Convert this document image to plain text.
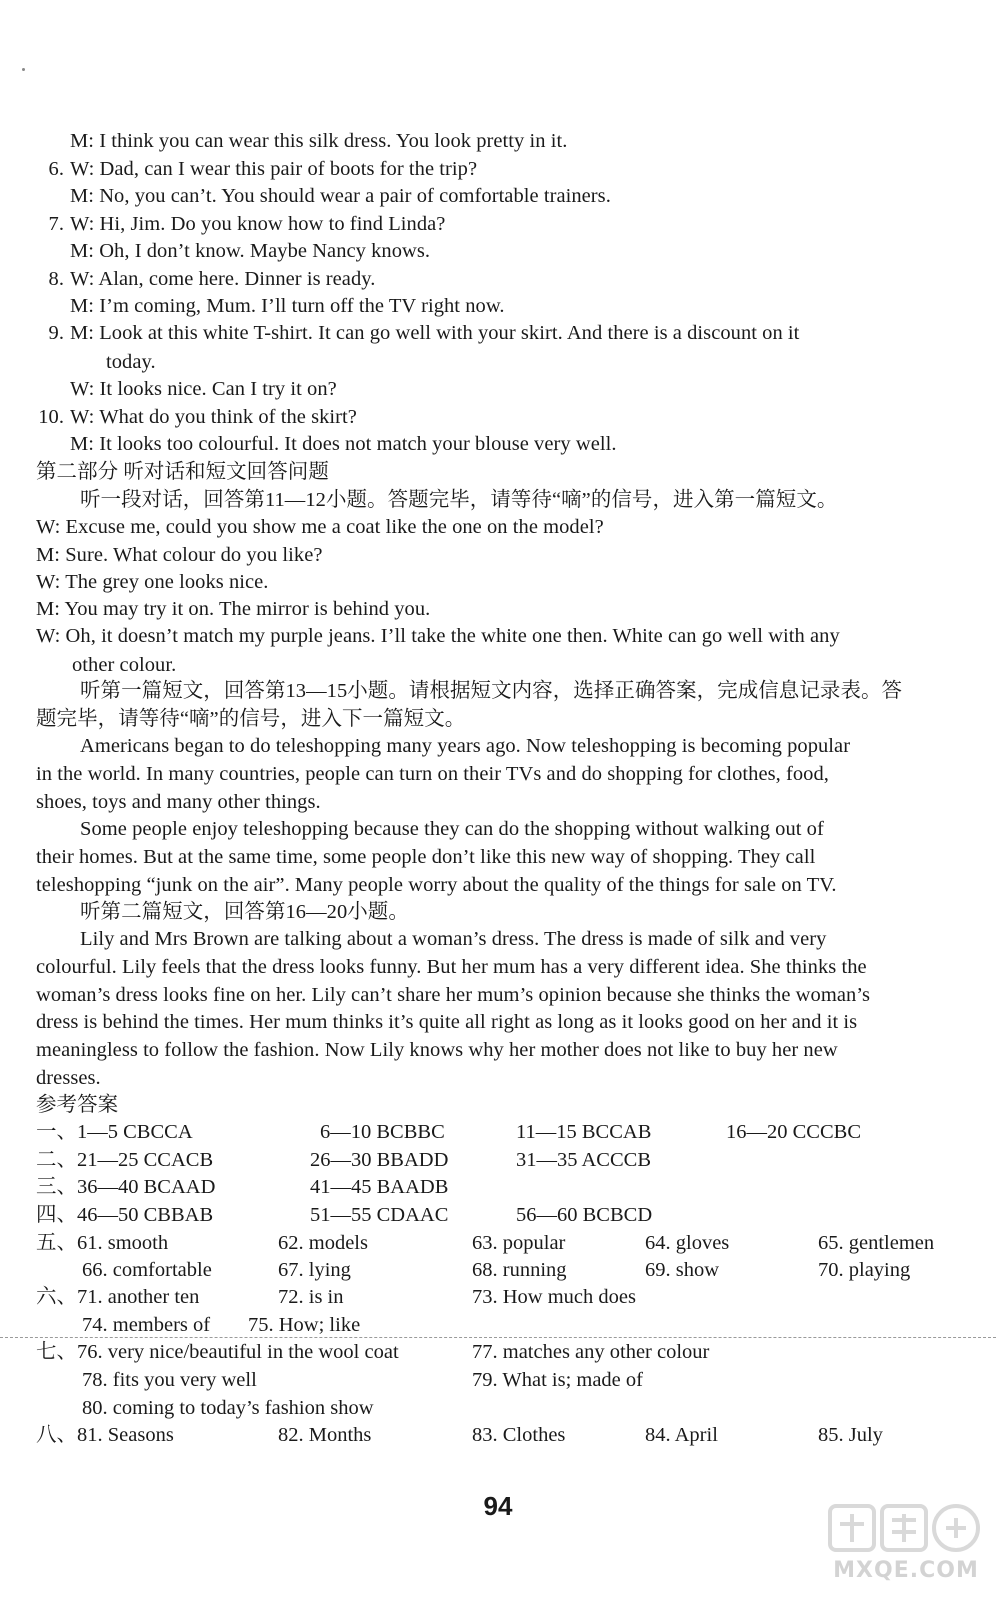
M: I think you can wear this silk dress. You look pretty in it.
6. W: Dad, can I wear this pair of boots for the trip?
M: No, you can’t. You should wear a pair of comfortable trainers.
7. W: Hi, Jim. Do you know how to find Linda?
M: Oh, I don’t know. Maybe Nancy knows.
8. W: Alan, come here. Dinner is ready.
M: I’m coming, Mum. I’ll turn off the TV right now.
9. M: Look at this white T-shirt. It can go well with your skirt. And there is a discount on it
today.
W: It looks nice. Can I try it on?
10. W: What do you think of the skirt?
M: It looks too colourful. It does not match your blouse very well.
第二部分 听对话和短文回答问题
听一段对话，回答第11—12小题。答题完毕，请等待“嘀”的信号，进入第一篇短文。
W: Excuse me, could you show me a coat like the one on the model?
M: Sure. What colour do you like?
W: The grey one looks nice.
M: You may try it on. The mirror is behind you.
W: Oh, it doesn’t match my purple jeans. I’ll take the white one then. White can go well with any
other colour.
听第一篇短文，回答第13—15小题。请根据短文内容，选择正确答案，完成信息记录表。答
题完毕，请等待“嘀”的信号，进入下一篇短文。
Americans began to do teleshopping many years ago. Now teleshopping is becoming popular
in the world. In many countries, people can turn on their TVs and do shopping for clothes, food,
shoes, toys and many other things.
Some people enjoy teleshopping because they can do the shopping without walking out of
their homes. But at the same time, some people don’t like this new way of shopping. They call
teleshopping “junk on the air”. Many people worry about the quality of the things for sale on TV.
听第二篇短文，回答第16—20小题。
Lily and Mrs Brown are talking about a woman’s dress. The dress is made of silk and very
colourful. Lily feels that the dress looks funny. But her mum has a very different idea. She thinks the
woman’s dress looks fine on her. Lily can’t share her mum’s opinion because she thinks the woman’s
dress is behind the times. Her mum thinks it’s quite all right as long as it looks good on her and it is
meaningless to follow the fashion. Now Lily knows why her mother does not like to buy her new
dresses.
参考答案
一、1—5 CBCCA	6—10 BCBBC	11—15 BCCAB	16—20 CCCBC
二、21—25 CCACB	26—30 BBADD	31—35 ACCCB
三、36—40 BCAAD	41—45 BAADB
四、46—50 CBBAB	51—55 CDAAC	56—60 BCBCD
五、61. smooth	62. models	63. popular	64. gloves	65. gentlemen
66. comfortable	67. lying	68. running	69. show	70. playing
六、71. another ten	72. is in	73. How much does
74. members of 75. How; like
七、76. very nice/beautiful in the wool coat	77. matches any other colour
78. fits you very well	79. What is; made of
80. coming to today’s fashion show
八、81. Seasons	82. Months	83. Clothes	84. April	85. July
94
MXQE.COM
